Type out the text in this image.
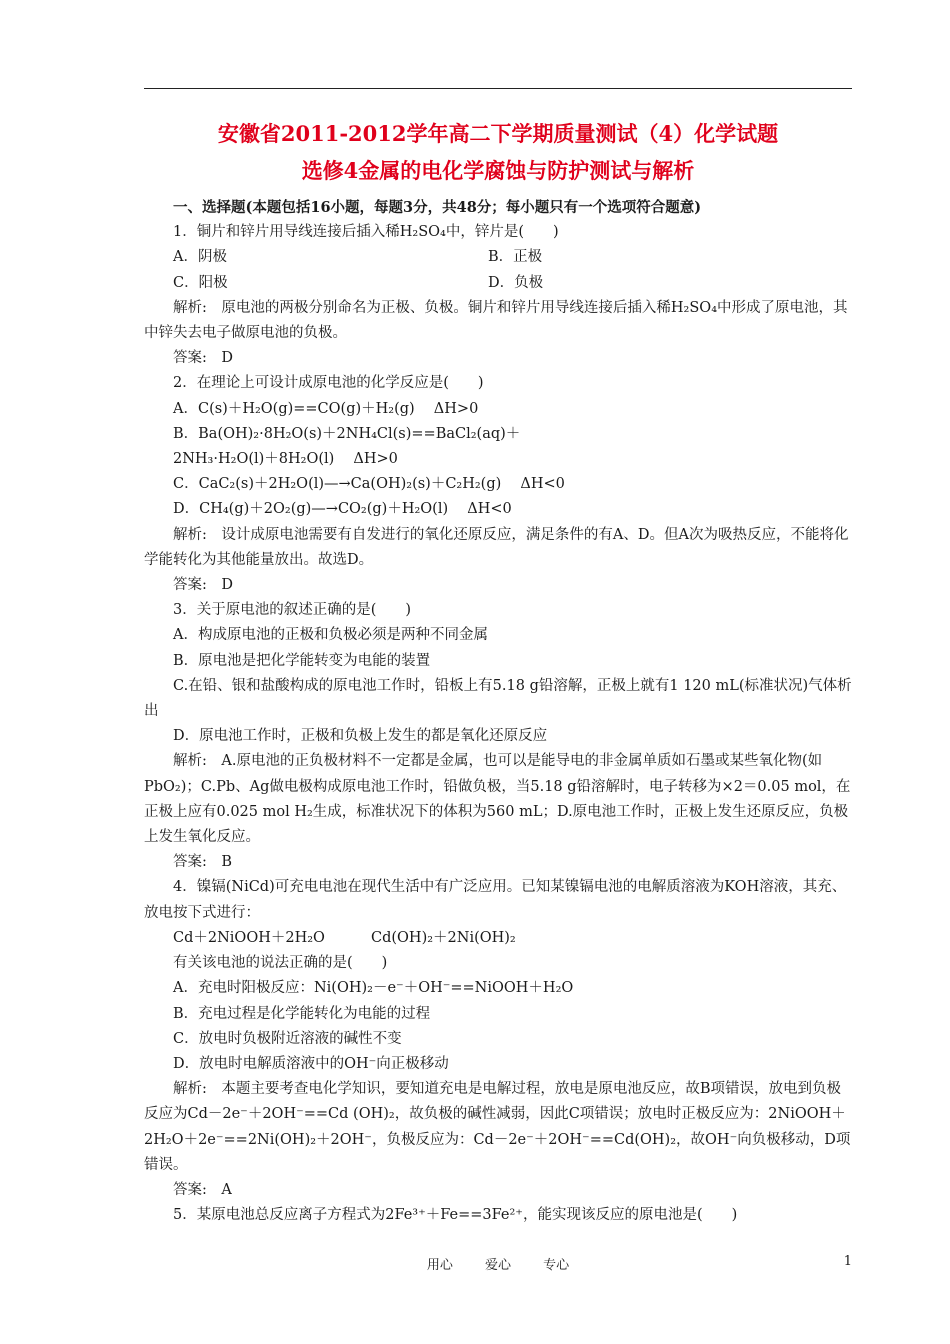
安徽省2011-2012学年高二下学期质量测试（4）化学试题
选修4金属的电化学腐蚀与防护测试与解析
一、选择题(本题包括16小题，每题3分，共48分；每小题只有一个选项符合题意)
1．铜片和锌片用导线连接后插入稀H₂SO₄中，锌片是(　　)
A．阴极	B．正极
C．阳极	D．负极
解析:　原电池的两极分别命名为正极、负极。铜片和锌片用导线连接后插入稀H₂SO₄中形成了原电池，其中锌失去电子做原电池的负极。
答案:　D
2．在理论上可设计成原电池的化学反应是(　　)
A．C(s)＋H₂O(g)==CO(g)＋H₂(g)　 ΔH>0
B．Ba(OH)₂·8H₂O(s)＋2NH₄Cl(s)==BaCl₂(aq)＋
2NH₃·H₂O(l)＋8H₂O(l)　 ΔH>0
C．CaC₂(s)＋2H₂O(l)—→Ca(OH)₂(s)＋C₂H₂(g)　 ΔH<0
D．CH₄(g)＋2O₂(g)—→CO₂(g)＋H₂O(l)　 ΔH<0
解析:　设计成原电池需要有自发进行的氧化还原反应，满足条件的有A、D。但A次为吸热反应，不能将化学能转化为其他能量放出。故选D。
答案:　D
3．关于原电池的叙述正确的是(　　)
A．构成原电池的正极和负极必须是两种不同金属
B．原电池是把化学能转变为电能的装置
C.在铅、银和盐酸构成的原电池工作时，铅板上有5.18 g铅溶解，正极上就有1 120 mL(标准状况)气体析出
D．原电池工作时，正极和负极上发生的都是氧化还原反应
解析:　A.原电池的正负极材料不一定都是金属，也可以是能导电的非金属单质如石墨或某些氧化物(如PbO₂)；C.Pb、Ag做电极构成原电池工作时，铅做负极，当5.18 g铅溶解时，电子转移为×2＝0.05 mol，在正极上应有0.025 mol H₂生成，标准状况下的体积为560 mL；D.原电池工作时，正极上发生还原反应，负极上发生氧化反应。
答案:　B
4．镍镉(NiCd)可充电电池在现代生活中有广泛应用。已知某镍镉电池的电解质溶液为KOH溶液，其充、放电按下式进行：
Cd＋2NiOOH＋2H₂O	Cd(OH)₂＋2Ni(OH)₂
有关该电池的说法正确的是(　　)
A．充电时阳极反应：Ni(OH)₂－e⁻＋OH⁻==NiOOH＋H₂O
B．充电过程是化学能转化为电能的过程
C．放电时负极附近溶液的碱性不变
D．放电时电解质溶液中的OH⁻向正极移动
解析:　本题主要考查电化学知识，要知道充电是电解过程，放电是原电池反应，故B项错误，放电到负极反应为Cd－2e⁻＋2OH⁻==Cd (OH)₂，故负极的碱性减弱，因此C项错误；放电时正极反应为：2NiOOH＋2H₂O＋2e⁻==2Ni(OH)₂＋2OH⁻，负极反应为：Cd－2e⁻＋2OH⁻==Cd(OH)₂，故OH⁻向负极移动，D项错误。
答案:　A
5．某原电池总反应离子方程式为2Fe³⁺＋Fe==3Fe²⁺，能实现该反应的原电池是(　　)
用心 爱心 专心	1
